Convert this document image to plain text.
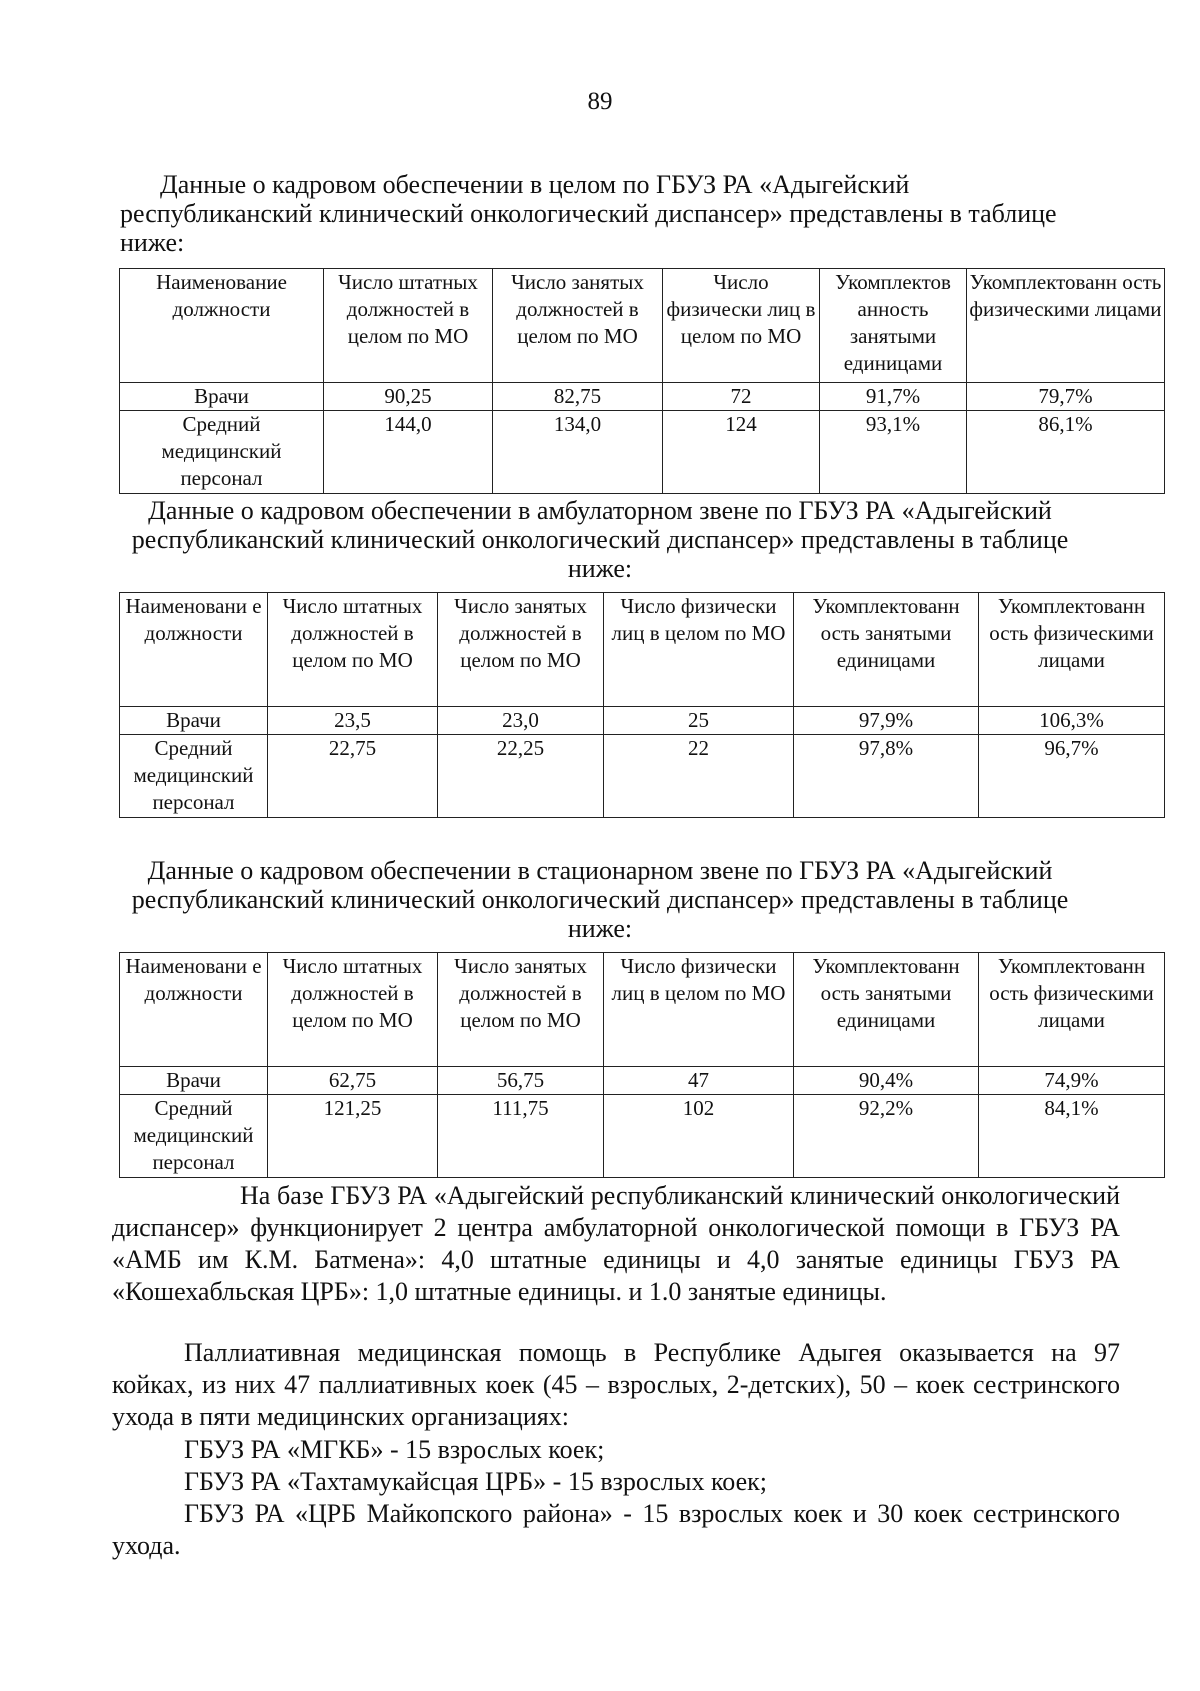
89
Данные о кадровом обеспечении в целом по ГБУЗ РА «Адыгейский республиканский клинический онкологический диспансер» представлены в таблице ниже:
Наименование должности	Число штатных должностей в целом по МО	Число занятых должностей в целом по МО	Число физически лиц в целом по МО	Укомплектов анность занятыми единицами	Укомплектованн ость физическими лицами
Врачи	90,25	82,75	72	91,7%	79,7%
Средний медицинский персонал	144,0	134,0	124	93,1%	86,1%
Данные о кадровом обеспечении в амбулаторном звене по ГБУЗ РА «Адыгейский республиканский клинический онкологический диспансер» представлены в таблице ниже:
Наименовани е должности	Число штатных должностей в целом по МО	Число занятых должностей в целом по МО	Число физически лиц в целом по МО	Укомплектованн ость занятыми единицами	Укомплектованн ость физическими лицами
Врачи	23,5	23,0	25	97,9%	106,3%
Средний медицинский персонал	22,75	22,25	22	97,8%	96,7%
Данные о кадровом обеспечении в стационарном звене по ГБУЗ РА «Адыгейский республиканский клинический онкологический диспансер» представлены в таблице ниже:
Наименовани е должности	Число штатных должностей в целом по МО	Число занятых должностей в целом по МО	Число физически лиц в целом по МО	Укомплектованн ость занятыми единицами	Укомплектованн ость физическими лицами
Врачи	62,75	56,75	47	90,4%	74,9%
Средний медицинский персонал	121,25	111,75	102	92,2%	84,1%
На базе ГБУЗ РА «Адыгейский республиканский клинический онкологический диспансер» функционирует 2 центра амбулаторной онкологической помощи в ГБУЗ РА «АМБ им К.М. Батмена»: 4,0 штатные единицы и 4,0 занятые единицы ГБУЗ РА «Кошехабльская ЦРБ»: 1,0 штатные единицы. и 1.0 занятые единицы.
Паллиативная медицинская помощь в Республике Адыгея оказывается на 97 койках, из них 47 паллиативных коек (45 – взрослых, 2-детских), 50 – коек сестринского ухода в пяти медицинских организациях:
ГБУЗ РА «МГКБ» - 15 взрослых коек;
ГБУЗ РА «Тахтамукайсцая ЦРБ» - 15 взрослых коек;
ГБУЗ РА «ЦРБ Майкопского района» - 15 взрослых коек и 30 коек сестринского ухода.
